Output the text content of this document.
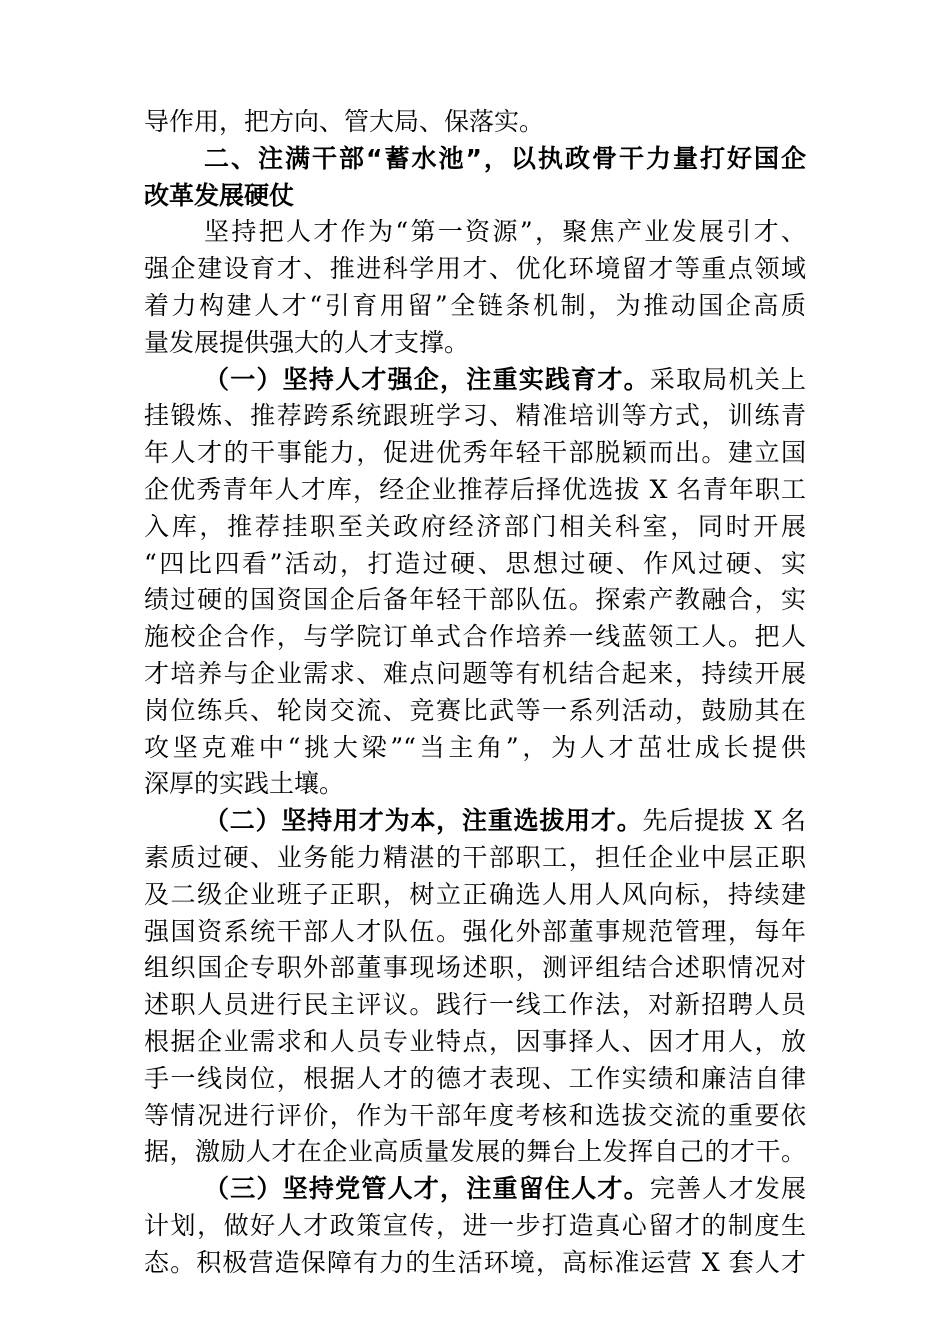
导作用，把方向、管大局、保落实。
二、注满干部“蓄水池”，以执政骨干力量打好国企
改革发展硬仗
坚持把人才作为“第一资源”，聚焦产业发展引才、
强企建设育才、推进科学用才、优化环境留才等重点领域
着力构建人才“引育用留”全链条机制，为推动国企高质
量发展提供强大的人才支撑。
（一）坚持人才强企，注重实践育才。采取局机关上
挂锻炼、推荐跨系统跟班学习、精准培训等方式，训练青
年人才的干事能力，促进优秀年轻干部脱颖而出。建立国
企优秀青年人才库，经企业推荐后择优选拔 X 名青年职工
入库，推荐挂职至关政府经济部门相关科室，同时开展
“四比四看”活动，打造过硬、思想过硬、作风过硬、实
绩过硬的国资国企后备年轻干部队伍。探索产教融合，实
施校企合作，与学院订单式合作培养一线蓝领工人。把人
才培养与企业需求、难点问题等有机结合起来，持续开展
岗位练兵、轮岗交流、竞赛比武等一系列活动，鼓励其在
攻坚克难中“挑大梁”“当主角”，为人才茁壮成长提供
深厚的实践土壤。
（二）坚持用才为本，注重选拔用才。先后提拔 X 名
素质过硬、业务能力精湛的干部职工，担任企业中层正职
及二级企业班子正职，树立正确选人用人风向标，持续建
强国资系统干部人才队伍。强化外部董事规范管理，每年
组织国企专职外部董事现场述职，测评组结合述职情况对
述职人员进行民主评议。践行一线工作法，对新招聘人员
根据企业需求和人员专业特点，因事择人、因才用人，放
手一线岗位，根据人才的德才表现、工作实绩和廉洁自律
等情况进行评价，作为干部年度考核和选拔交流的重要依
据，激励人才在企业高质量发展的舞台上发挥自己的才干。
（三）坚持党管人才，注重留住人才。完善人才发展
计划，做好人才政策宣传，进一步打造真心留才的制度生
态。积极营造保障有力的生活环境，高标准运营 X 套人才
